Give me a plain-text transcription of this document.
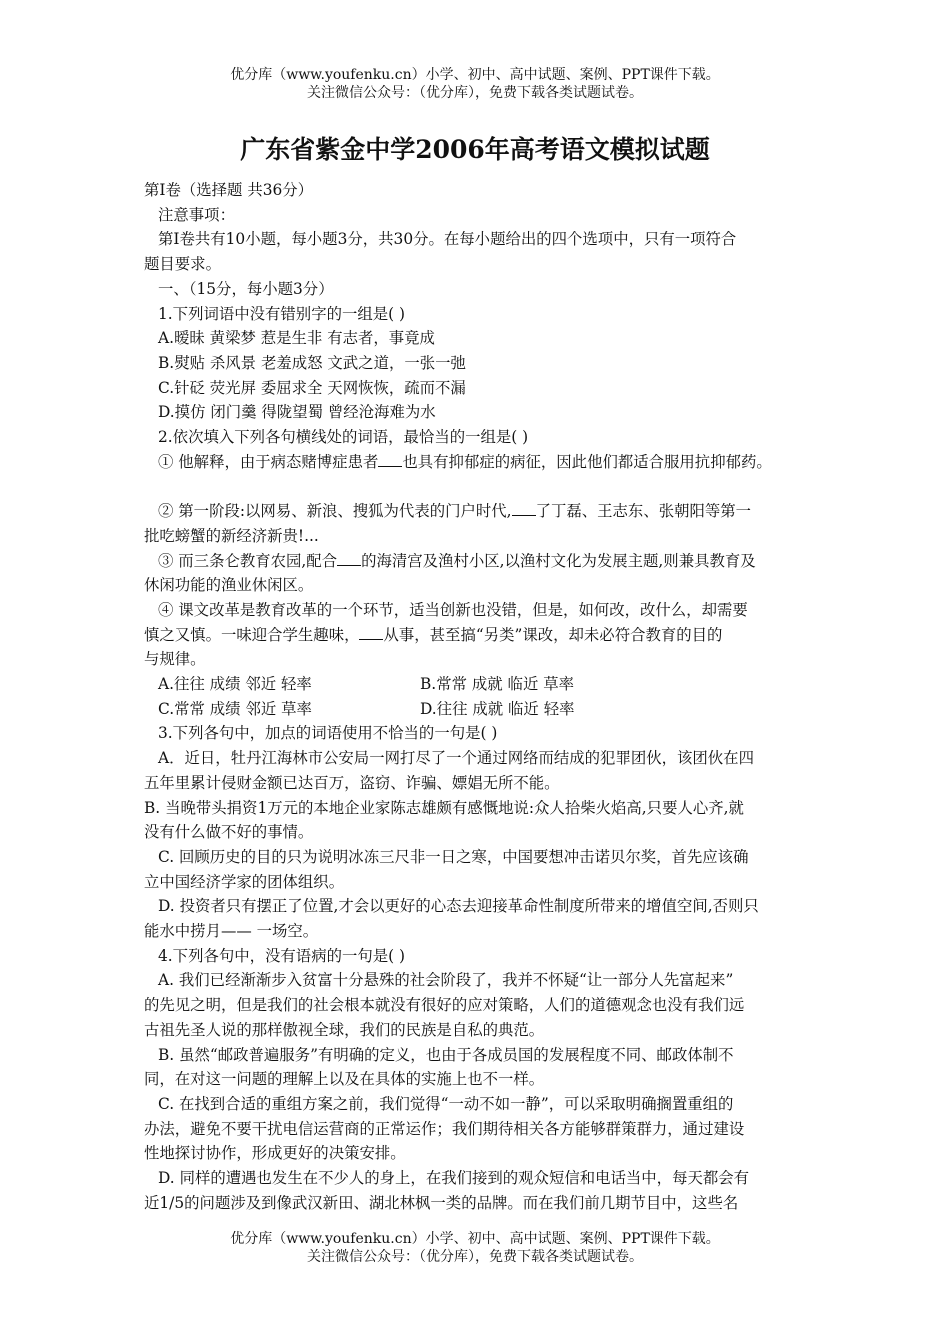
优分库（www.youfenku.cn）小学、初中、高中试题、案例、PPT课件下载。
关注微信公众号：（优分库），免费下载各类试题试卷。
广东省紫金中学2006年高考语文模拟试题

第Ⅰ卷（选择题 共36分）

注意事项：

第Ⅰ卷共有10小题，每小题3分，共30分。在每小题给出的四个选项中，只有一项符合

题目要求。

一、（15分，每小题3分）

1.下列词语中没有错别字的一组是( )

A.暧昧 黄梁梦 惹是生非 有志者，事竟成

B.熨贴 杀风景 老羞成怒 文武之道，一张一弛

C.针砭 荧光屏 委屈求全 天网恢恢，疏而不漏

D.摸仿 闭门羹 得陇望蜀 曾经沧海难为水

2.依次填入下列各句横线处的词语，最恰当的一组是( )

① 他解释，由于病态赌博症患者 也具有抑郁症的病征，因此他们都适合服用抗抑郁药。

② 第一阶段:以网易、新浪、搜狐为代表的门户时代, 了丁磊、王志东、张朝阳等第一

批吃螃蟹的新经济新贵!...

③ 而三条仑教育农园,配合 的海清宫及渔村小区,以渔村文化为发展主题,则兼具教育及

休闲功能的渔业休闲区。

④ 课文改革是教育改革的一个环节，适当创新也没错，但是，如何改，改什么，却需要

慎之又慎。一味迎合学生趣味， 从事，甚至搞“另类”课改，却未必符合教育的目的

与规律。

A.往往 成绩 邻近 轻率	B.常常 成就 临近 草率

C.常常 成绩 邻近 草率	D.往往 成就 临近 轻率

3.下列各句中，加点的词语使用不恰当的一句是( )

A．近日，牡丹江海林市公安局一网打尽了一个通过网络而结成的犯罪团伙，该团伙在四

五年里累计侵财金额已达百万，盗窃、诈骗、嫖娼无所不能。

B. 当晚带头捐资1万元的本地企业家陈志雄颇有感慨地说:众人拾柴火焰高,只要人心齐,就

没有什么做不好的事情。

C. 回顾历史的目的只为说明冰冻三尺非一日之寒，中国要想冲击诺贝尔奖，首先应该确

立中国经济学家的团体组织。

D. 投资者只有摆正了位置,才会以更好的心态去迎接革命性制度所带来的增值空间,否则只

能水中捞月—— 一场空。

4.下列各句中，没有语病的一句是( )

A. 我们已经渐渐步入贫富十分悬殊的社会阶段了，我并不怀疑“让一部分人先富起来”

的先见之明，但是我们的社会根本就没有很好的应对策略，人们的道德观念也没有我们远

古祖先圣人说的那样傲视全球，我们的民族是自私的典范。

B. 虽然“邮政普遍服务”有明确的定义，也由于各成员国的发展程度不同、邮政体制不

同，在对这一问题的理解上以及在具体的实施上也不一样。

C. 在找到合适的重组方案之前，我们觉得“一动不如一静”，可以采取明确搁置重组的

办法，避免不要干扰电信运营商的正常运作；我们期待相关各方能够群策群力，通过建设

性地探讨协作，形成更好的决策安排。

D. 同样的遭遇也发生在不少人的身上，在我们接到的观众短信和电话当中，每天都会有

近1/5的问题涉及到像武汉新田、湖北林枫一类的品牌。而在我们前几期节目中，这些名

优分库（www.youfenku.cn）小学、初中、高中试题、案例、PPT课件下载。
关注微信公众号：（优分库），免费下载各类试题试卷。
